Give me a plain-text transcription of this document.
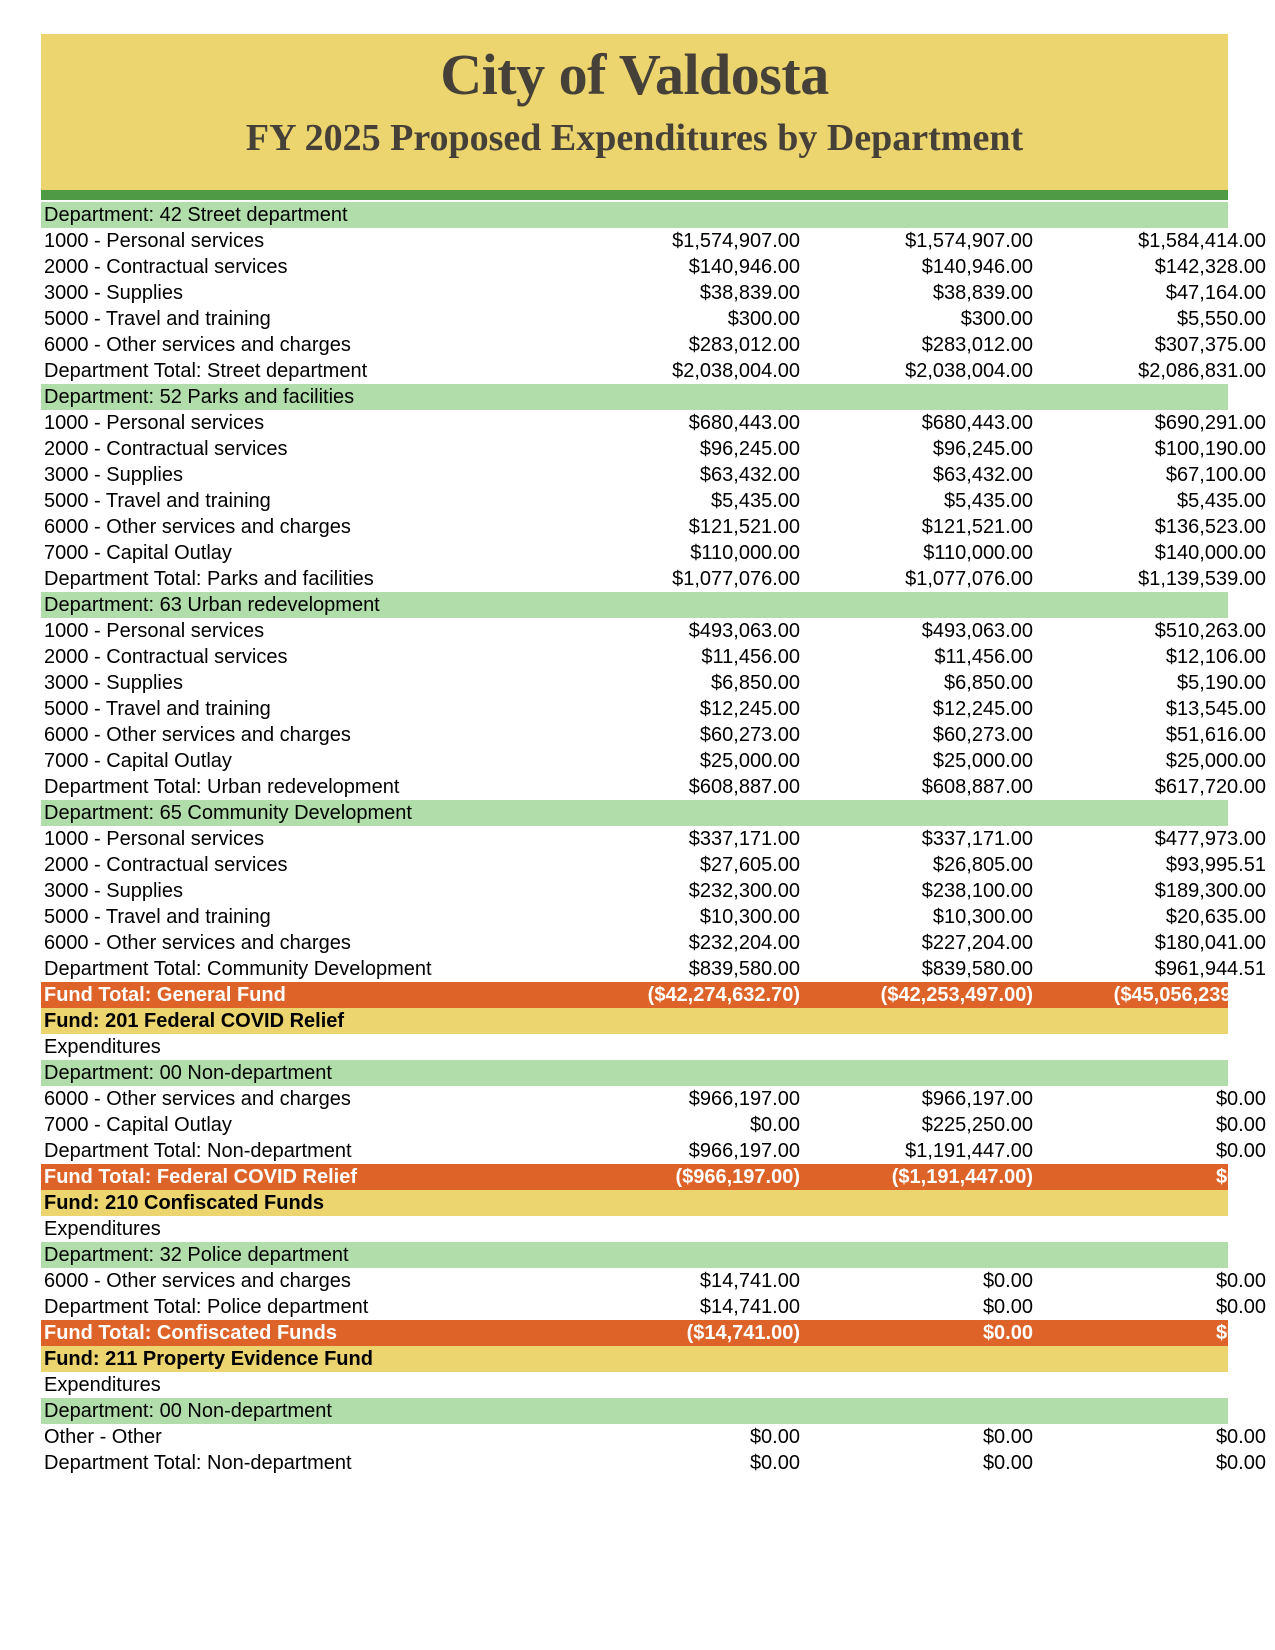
City of Valdosta
FY 2025 Proposed Expenditures by Department
Department: 42 Street department
1000 - Personal services	$1,574,907.00	$1,574,907.00	$1,584,414.00
2000 - Contractual services	$140,946.00	$140,946.00	$142,328.00
3000 - Supplies	$38,839.00	$38,839.00	$47,164.00
5000 - Travel and training	$300.00	$300.00	$5,550.00
6000 - Other services and charges	$283,012.00	$283,012.00	$307,375.00
Department Total: Street department	$2,038,004.00	$2,038,004.00	$2,086,831.00
Department: 52 Parks and facilities
1000 - Personal services	$680,443.00	$680,443.00	$690,291.00
2000 - Contractual services	$96,245.00	$96,245.00	$100,190.00
3000 - Supplies	$63,432.00	$63,432.00	$67,100.00
5000 - Travel and training	$5,435.00	$5,435.00	$5,435.00
6000 - Other services and charges	$121,521.00	$121,521.00	$136,523.00
7000 - Capital Outlay	$110,000.00	$110,000.00	$140,000.00
Department Total: Parks and facilities	$1,077,076.00	$1,077,076.00	$1,139,539.00
Department: 63 Urban redevelopment
1000 - Personal services	$493,063.00	$493,063.00	$510,263.00
2000 - Contractual services	$11,456.00	$11,456.00	$12,106.00
3000 - Supplies	$6,850.00	$6,850.00	$5,190.00
5000 - Travel and training	$12,245.00	$12,245.00	$13,545.00
6000 - Other services and charges	$60,273.00	$60,273.00	$51,616.00
7000 - Capital Outlay	$25,000.00	$25,000.00	$25,000.00
Department Total: Urban redevelopment	$608,887.00	$608,887.00	$617,720.00
Department: 65 Community Development
1000 - Personal services	$337,171.00	$337,171.00	$477,973.00
2000 - Contractual services	$27,605.00	$26,805.00	$93,995.51
3000 - Supplies	$232,300.00	$238,100.00	$189,300.00
5000 - Travel and training	$10,300.00	$10,300.00	$20,635.00
6000 - Other services and charges	$232,204.00	$227,204.00	$180,041.00
Department Total: Community Development	$839,580.00	$839,580.00	$961,944.51
Fund Total: General Fund	($42,274,632.70)	($42,253,497.00)	($45,056,239.24)
Fund: 201 Federal COVID Relief
Expenditures
Department: 00 Non-department
6000 - Other services and charges	$966,197.00	$966,197.00	$0.00
7000 - Capital Outlay	$0.00	$225,250.00	$0.00
Department Total: Non-department	$966,197.00	$1,191,447.00	$0.00
Fund Total: Federal COVID Relief	($966,197.00)	($1,191,447.00)	$0.00
Fund: 210 Confiscated Funds
Expenditures
Department: 32 Police department
6000 - Other services and charges	$14,741.00	$0.00	$0.00
Department Total: Police department	$14,741.00	$0.00	$0.00
Fund Total: Confiscated Funds	($14,741.00)	$0.00	$0.00
Fund: 211 Property Evidence Fund
Expenditures
Department: 00 Non-department
Other - Other	$0.00	$0.00	$0.00
Department Total: Non-department	$0.00	$0.00	$0.00
